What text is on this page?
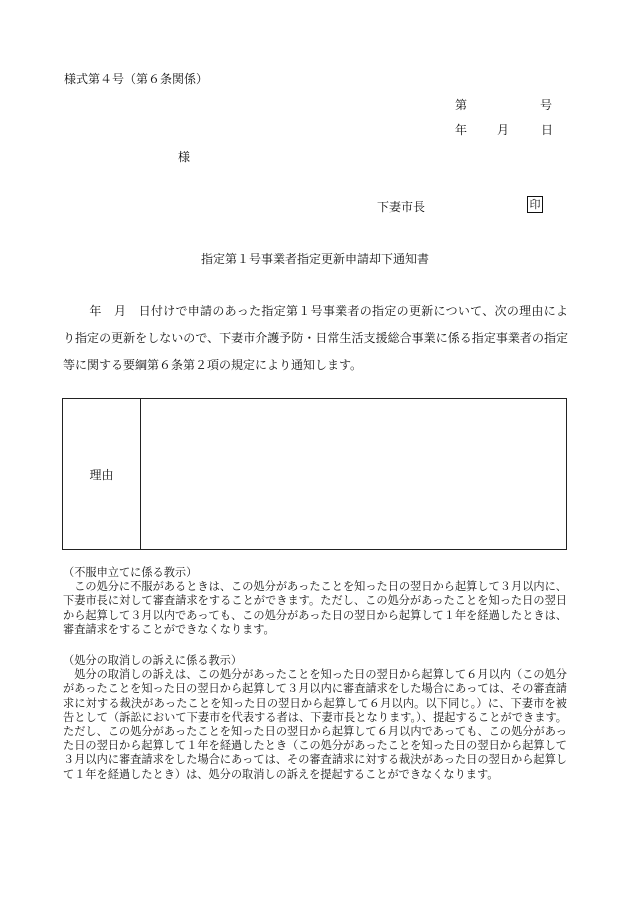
様式第４号（第６条関係）
第	号
年 月	日
様
下妻市長	印
指定第１号事業者指定更新申請却下通知書

年　月　日付けで申請のあった指定第１号事業者の指定の更新について、次の理由により指定の更新をしないので、下妻市介護予防・日常生活支援総合事業に係る指定事業者の指定等に関する要綱第６条第２項の規定により通知します。

理由

（不服申立てに係る教示）

この処分に不服があるときは、この処分があったことを知った日の翌日から起算して３月以内に、下妻市長に対して審査請求をすることができます。ただし、この処分があったことを知った日の翌日から起算して３月以内であっても、この処分があった日の翌日から起算して１年を経過したときは、審査請求をすることができなくなります。

（処分の取消しの訴えに係る教示）

処分の取消しの訴えは、この処分があったことを知った日の翌日から起算して６月以内（この処分があったことを知った日の翌日から起算して３月以内に審査請求をした場合にあっては、その審査請求に対する裁決があったことを知った日の翌日から起算して６月以内。以下同じ。）に、下妻市を被告として（訴訟において下妻市を代表する者は、下妻市長となります。）、提起することができます。ただし、この処分があったことを知った日の翌日から起算して６月以内であっても、この処分があった日の翌日から起算して１年を経過したとき（この処分があったことを知った日の翌日から起算して３月以内に審査請求をした場合にあっては、その審査請求に対する裁決があった日の翌日から起算して１年を経過したとき）は、処分の取消しの訴えを提起することができなくなります。
